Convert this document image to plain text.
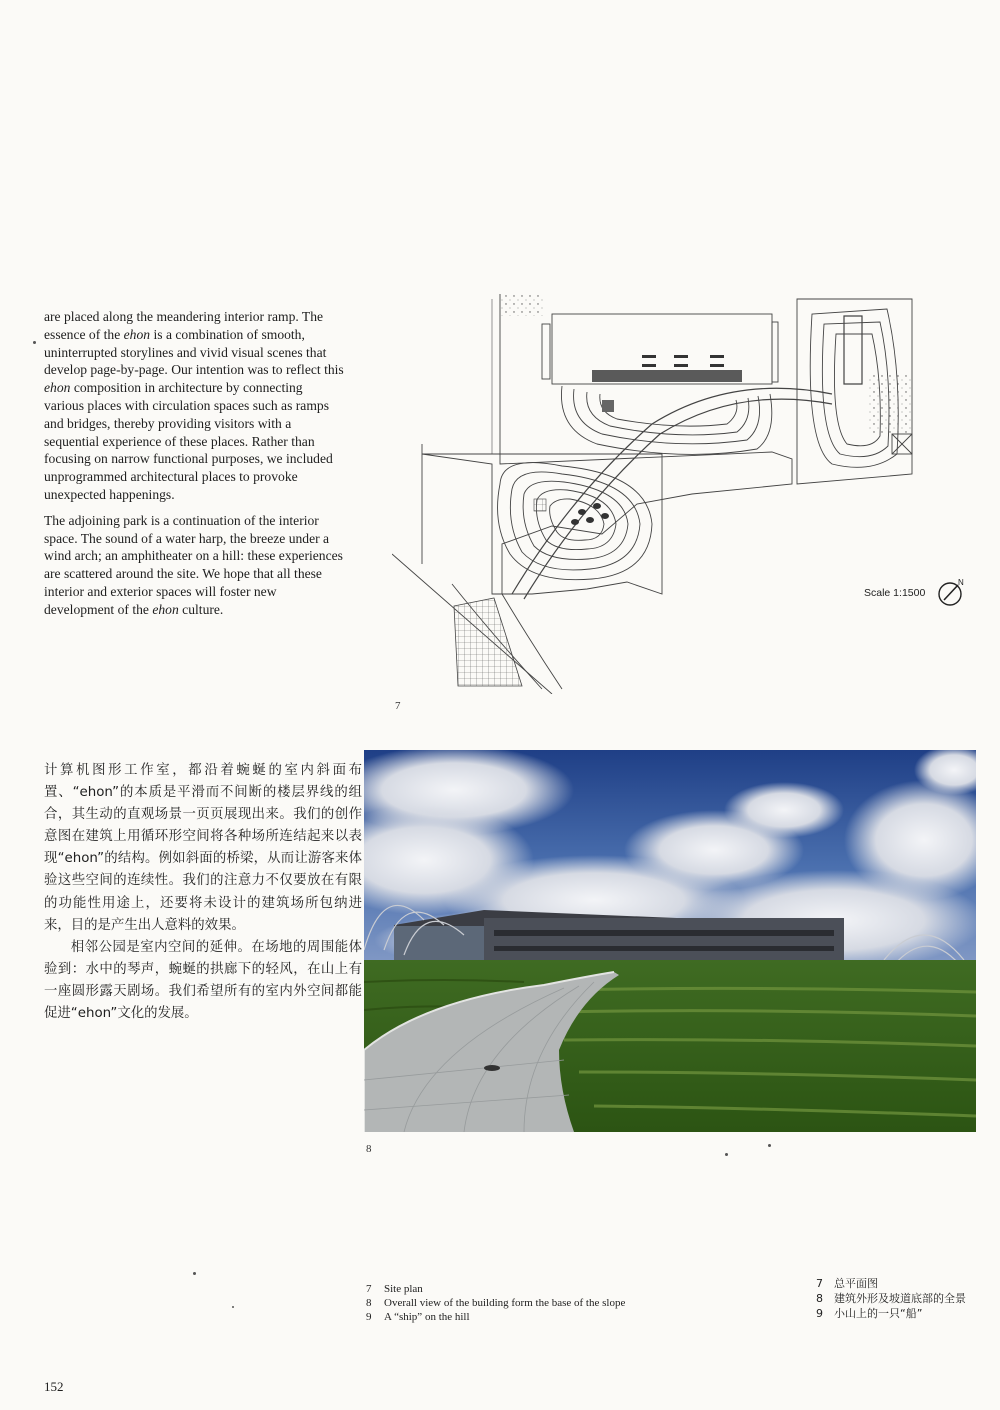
are placed along the meandering interior ramp. The essence of the ehon is a combination of smooth, uninterrupted storylines and vivid visual scenes that develop page-by-page. Our intention was to reflect this ehon composition in architecture by connecting various places with circulation spaces such as ramps and bridges, thereby providing visitors with a sequential experience of these places. Rather than focusing on narrow functional purposes, we included unprogrammed architectural places to provoke unexpected happenings.

The adjoining park is a continuation of the interior space. The sound of a water harp, the breeze under a wind arch; an amphitheater on a hill: these experiences are scattered around the site. We hope that all these interior and exterior spaces will foster new development of the ehon culture.

计算机图形工作室，都沿着蜿蜒的室内斜面布置、“ehon”的本质是平滑而不间断的楼层界线的组合，其生动的直观场景一页页展现出来。我们的创作意图在建筑上用循环形空间将各种场所连结起来以表现“ehon”的结构。例如斜面的桥梁，从而让游客来体验这些空间的连续性。我们的注意力不仅要放在有限的功能性用途上，还要将未设计的建筑场所包纳进来，目的是产生出人意料的效果。

相邻公园是室内空间的延伸。在场地的周围能体验到：水中的琴声，蜿蜒的拱廊下的轻风，在山上有一座圆形露天剧场。我们希望所有的室内外空间都能促进“ehon”文化的发展。

Scale 1:1500
N
7
8
7	Site plan
8	Overall view of the building form the base of the slope
9	A “ship” on the hill
7	总平面图
8	建筑外形及坡道底部的全景
9	小山上的一只“船”
152
